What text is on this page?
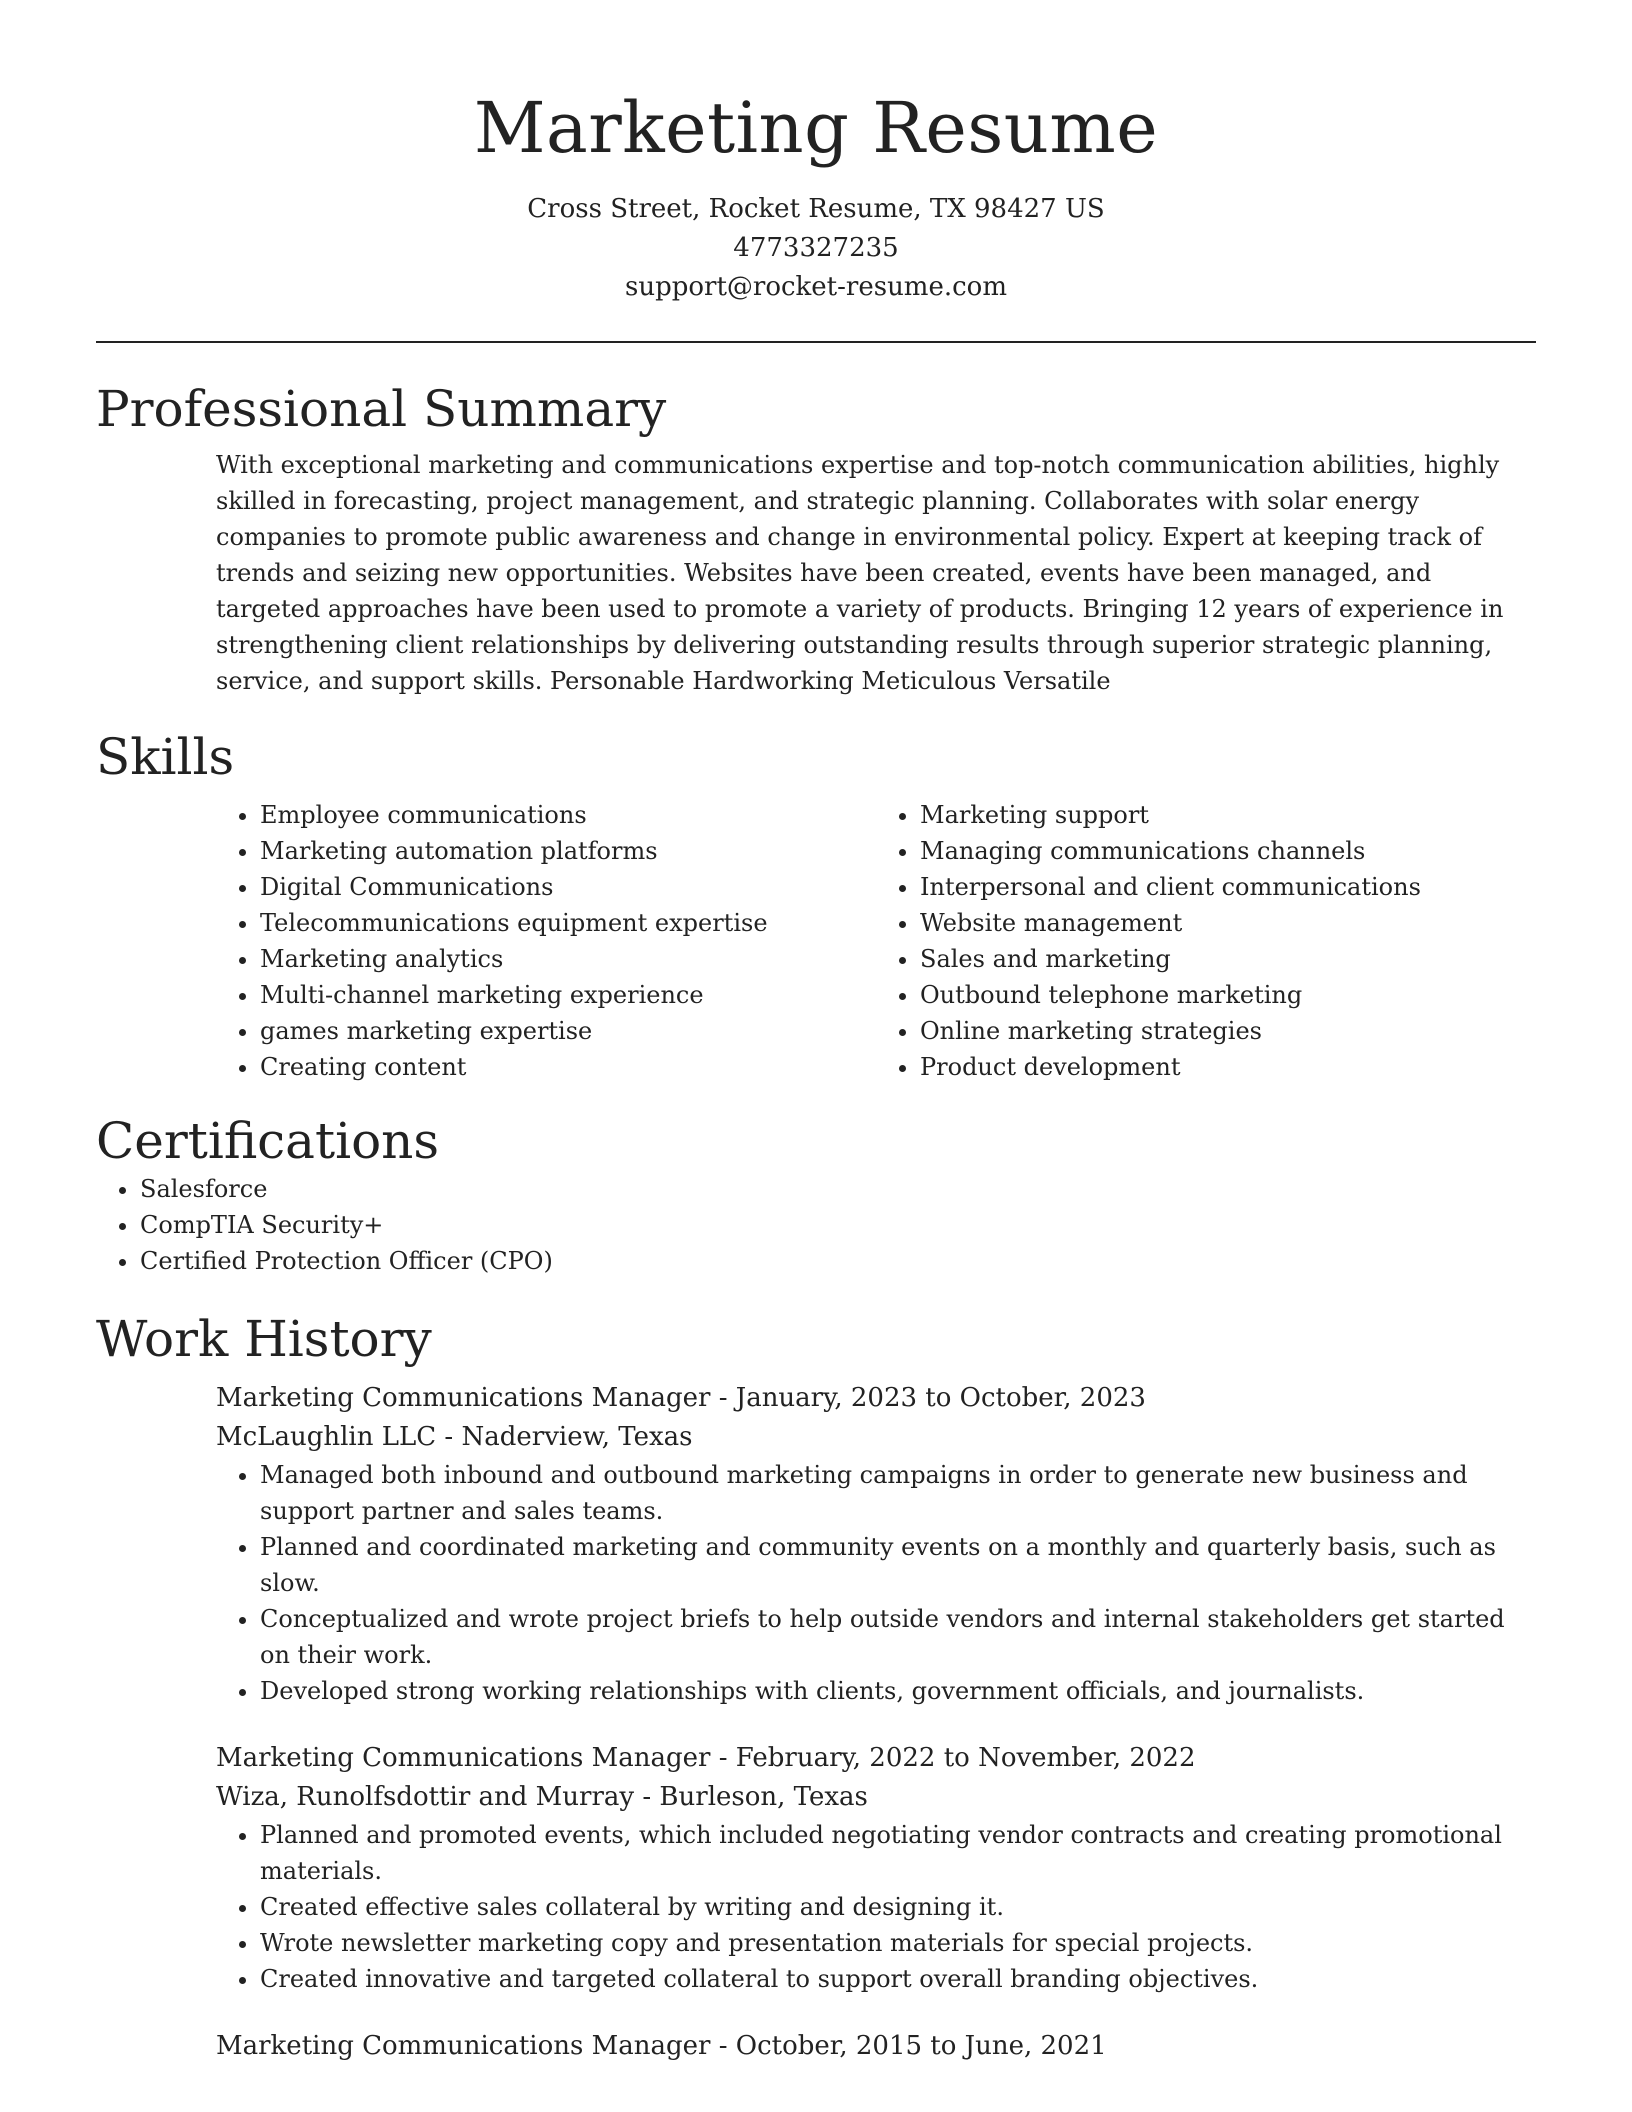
Marketing Resume
Cross Street, Rocket Resume, TX 98427 US
4773327235
support@rocket-resume.com
Professional Summary

With exceptional marketing and communications expertise and top-notch communication abilities, highly skilled in forecasting, project management, and strategic planning. Collaborates with solar energy companies to promote public awareness and change in environmental policy. Expert at keeping track of trends and seizing new opportunities. Websites have been created, events have been managed, and targeted approaches have been used to promote a variety of products. Bringing 12 years of experience in strengthening client relationships by delivering outstanding results through superior strategic planning, service, and support skills. Personable Hardworking Meticulous Versatile

Skills
• Employee communications
• Marketing automation platforms
• Digital Communications
• Telecommunications equipment expertise
• Marketing analytics
• Multi-channel marketing experience
• games marketing expertise
• Creating content
• Marketing support
• Managing communications channels
• Interpersonal and client communications
• Website management
• Sales and marketing
• Outbound telephone marketing
• Online marketing strategies
• Product development
Certifications
• Salesforce
• CompTIA Security+
• Certified Protection Officer (CPO)
Work History
Marketing Communications Manager - January, 2023 to October, 2023
McLaughlin LLC - Naderview, Texas
• Managed both inbound and outbound marketing campaigns in order to generate new business and support partner and sales teams.
• Planned and coordinated marketing and community events on a monthly and quarterly basis, such as slow.
• Conceptualized and wrote project briefs to help outside vendors and internal stakeholders get started on their work.
• Developed strong working relationships with clients, government officials, and journalists.
Marketing Communications Manager - February, 2022 to November, 2022
Wiza, Runolfsdottir and Murray - Burleson, Texas
• Planned and promoted events, which included negotiating vendor contracts and creating promotional materials.
• Created effective sales collateral by writing and designing it.
• Wrote newsletter marketing copy and presentation materials for special projects.
• Created innovative and targeted collateral to support overall branding objectives.
Marketing Communications Manager - October, 2015 to June, 2021
